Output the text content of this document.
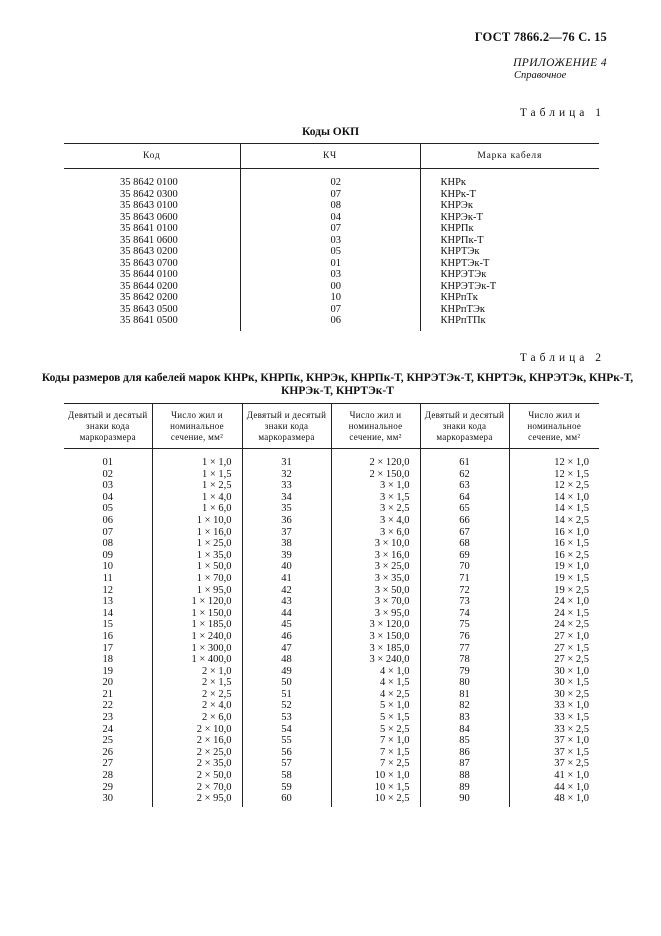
ГОСТ 7866.2—76 С. 15
ПРИЛОЖЕНИЕ 4
Справочное
Таблица 1
Коды ОКП
Код	КЧ	Марка кабеля
35 8642 0100	02	КНРк
35 8642 0300	07	КНРк-Т
35 8643 0100	08	КНРЭк
35 8643 0600	04	КНРЭк-Т
35 8641 0100	07	КНРПк
35 8641 0600	03	КНРПк-Т
35 8643 0200	05	КНРТЭк
35 8643 0700	01	КНРТЭк-Т
35 8644 0100	03	КНРЭТЭк
35 8644 0200	00	КНРЭТЭк-Т
35 8642 0200	10	КНРпТк
35 8643 0500	07	КНРпТЭк
35 8641 0500	06	КНРпТПк
Таблица 2
Коды размеров для кабелей марок КНРк, КНРПк, КНРЭк, КНРПк-Т, КНРЭТЭк-Т, КНРТЭк, КНРЭТЭк, КНРк-Т, КНРЭк-Т, КНРТЭк-Т
Девятый и десятый знаки кода маркоразмера	Число жил и номинальное сечение, мм²	Девятый и десятый знаки кода маркоразмера	Число жил и номинальное сечение, мм²	Девятый и десятый знаки кода маркоразмера	Число жил и номинальное сечение, мм²
01	1 × 1,0	31	2 × 120,0	61	12 × 1,0
02	1 × 1,5	32	2 × 150,0	62	12 × 1,5
03	1 × 2,5	33	3 × 1,0	63	12 × 2,5
04	1 × 4,0	34	3 × 1,5	64	14 × 1,0
05	1 × 6,0	35	3 × 2,5	65	14 × 1,5
06	1 × 10,0	36	3 × 4,0	66	14 × 2,5
07	1 × 16,0	37	3 × 6,0	67	16 × 1,0
08	1 × 25,0	38	3 × 10,0	68	16 × 1,5
09	1 × 35,0	39	3 × 16,0	69	16 × 2,5
10	1 × 50,0	40	3 × 25,0	70	19 × 1,0
11	1 × 70,0	41	3 × 35,0	71	19 × 1,5
12	1 × 95,0	42	3 × 50,0	72	19 × 2,5
13	1 × 120,0	43	3 × 70,0	73	24 × 1,0
14	1 × 150,0	44	3 × 95,0	74	24 × 1,5
15	1 × 185,0	45	3 × 120,0	75	24 × 2,5
16	1 × 240,0	46	3 × 150,0	76	27 × 1,0
17	1 × 300,0	47	3 × 185,0	77	27 × 1,5
18	1 × 400,0	48	3 × 240,0	78	27 × 2,5
19	2 × 1,0	49	4 × 1,0	79	30 × 1,0
20	2 × 1,5	50	4 × 1,5	80	30 × 1,5
21	2 × 2,5	51	4 × 2,5	81	30 × 2,5
22	2 × 4,0	52	5 × 1,0	82	33 × 1,0
23	2 × 6,0	53	5 × 1,5	83	33 × 1,5
24	2 × 10,0	54	5 × 2,5	84	33 × 2,5
25	2 × 16,0	55	7 × 1,0	85	37 × 1,0
26	2 × 25,0	56	7 × 1,5	86	37 × 1,5
27	2 × 35,0	57	7 × 2,5	87	37 × 2,5
28	2 × 50,0	58	10 × 1,0	88	41 × 1,0
29	2 × 70,0	59	10 × 1,5	89	44 × 1,0
30	2 × 95,0	60	10 × 2,5	90	48 × 1,0
